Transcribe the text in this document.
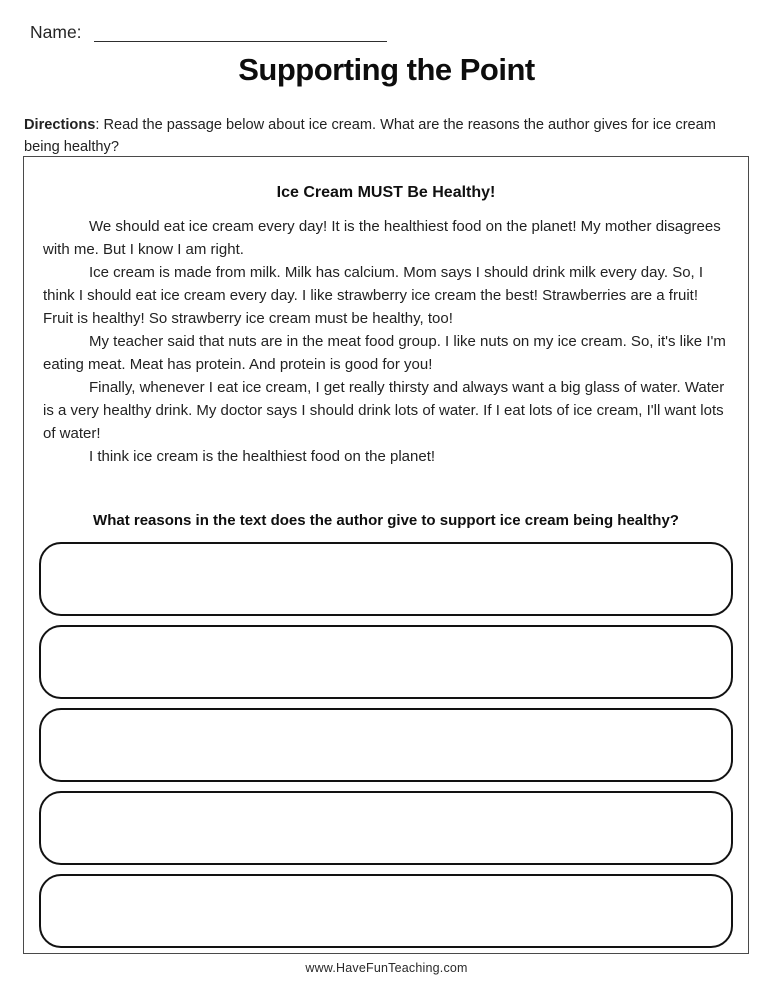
Name:
Supporting the Point
Directions: Read the passage below about ice cream. What are the reasons the author gives for ice cream being healthy?
Ice Cream MUST Be Healthy!

We should eat ice cream every day! It is the healthiest food on the planet! My mother disagrees with me. But I know I am right.

Ice cream is made from milk. Milk has calcium. Mom says I should drink milk every day. So, I think I should eat ice cream every day. I like strawberry ice cream the best! Strawberries are a fruit! Fruit is healthy! So strawberry ice cream must be healthy, too!

My teacher said that nuts are in the meat food group. I like nuts on my ice cream. So, it's like I'm eating meat. Meat has protein. And protein is good for you!

Finally, whenever I eat ice cream, I get really thirsty and always want a big glass of water. Water is a very healthy drink. My doctor says I should drink lots of water. If I eat lots of ice cream, I'll want lots of water!

I think ice cream is the healthiest food on the planet!

What reasons in the text does the author give to support ice cream being healthy?
www.HaveFunTeaching.com
